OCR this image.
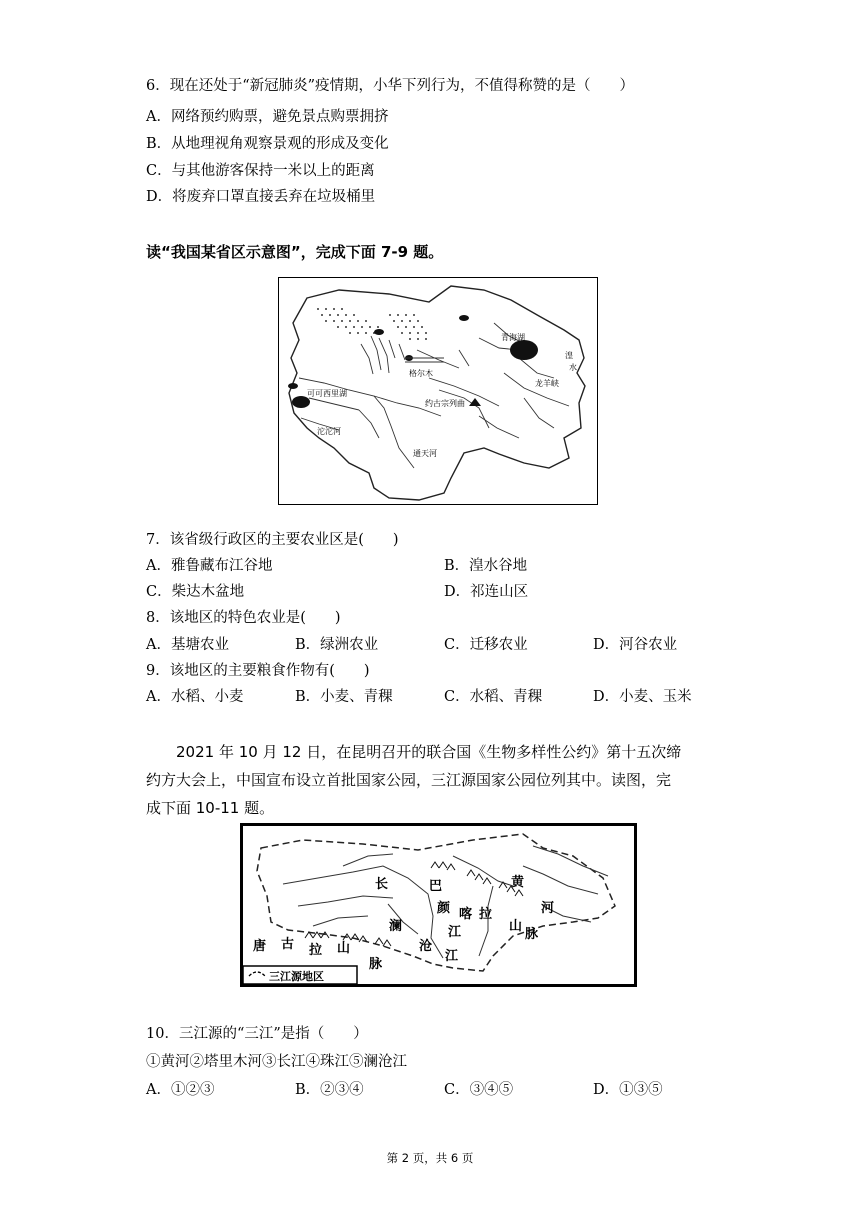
6．现在还处于“新冠肺炎”疫情期，小华下列行为，不值得称赞的是（　　）
A．网络预约购票，避免景点购票拥挤
B．从地理视角观察景观的形成及变化
C．与其他游客保持一米以上的距离
D．将废弃口罩直接丢弃在垃圾桶里
读“我国某省区示意图”，完成下面 7-9 题。
青海湖
湟
水
格尔木
龙羊峡
可可西里湖
约古宗列曲
沱沱河
通天河
7．该省级行政区的主要农业区是(　　)
A．雅鲁藏布江谷地	B．湟水谷地
C．柴达木盆地	D．祁连山区
8．该地区的特色农业是(　　)
A．基塘农业	B．绿洲农业	C．迁移农业	D．河谷农业
9．该地区的主要粮食作物有(　　)
A．水稻、小麦	B．小麦、青稞	C．水稻、青稞	D．小麦、玉米
2021 年 10 月 12 日，在昆明召开的联合国《生物多样性公约》第十五次缔
约方大会上，中国宣布设立首批国家公园，三江源国家公园位列其中。读图，完
成下面 10-11 题。
长
江
巴
颜 喀 拉
山
脉
黄
河
澜
沧
江
唐 古 拉 山
脉
三江源地区
10．三江源的“三江”是指（　　）
①黄河②塔里木河③长江④珠江⑤澜沧江
A．①②③	B．②③④	C．③④⑤	D．①③⑤
第 2 页，共 6 页
